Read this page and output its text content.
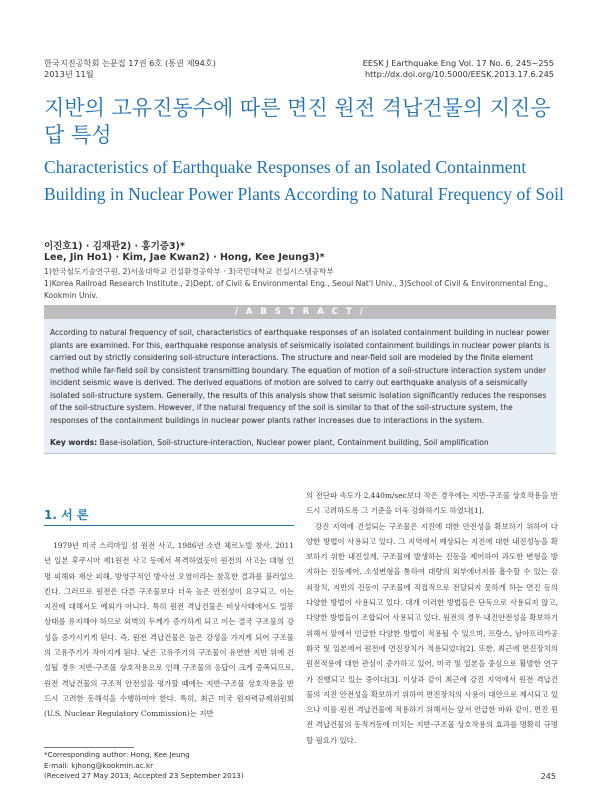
한국지진공학회 논문집 17권 6호 (통권 제94호)
2013년 11월
EESK J Earthquake Eng Vol. 17 No. 6, 245~255
http://dx.doi.org/10.5000/EESK.2013.17.6.245
지반의 고유진동수에 따른 면진 원전 격납건물의 지진응답 특성
Characteristics of Earthquake Responses of an Isolated Containment Building in Nuclear Power Plants According to Natural Frequency of Soil
이진호1) · 김재관2) · 홍기증3)*
Lee, Jin Ho1) · Kim, Jae Kwan2) · Hong, Kee Jeung3)*
1)한국철도기술연구원, 2)서울대학교 건설환경공학부 · 3)국민대학교 건설시스템공학부
1)Korea Railroad Research Institute., 2)Dept. of Civil & Environmental Eng., Seoul Nat'l Univ., 3)School of Civil & Environmental Eng., Kookmin Univ.
/ A B S T R A C T /
According to natural frequency of soil, characteristics of earthquake responses of an isolated containment building in nuclear power plants are examined. For this, earthquake response analysis of seismically isolated containment buildings in nuclear power plants is carried out by strictly considering soil-structure interactions. The structure and near-field soil are modeled by the finite element method while far-field soil by consistent transmitting boundary. The equation of motion of a soil-structure interaction system under incident seismic wave is derived. The derived equations of motion are solved to carry out earthquake analysis of a seismically isolated soil-structure system. Generally, the results of this analysis show that seismic isolation significantly reduces the responses of the soil-structure system. However, if the natural frequency of the soil is similar to that of the soil-structure system, the responses of the containment buildings in nuclear power plants rather increases due to interactions in the system.
Key words: Base-isolation, Soil-structure-interaction, Nuclear power plant, Containment building, Soil amplification
1. 서 론

1979년 미국 스리마일 섬 원전 사고, 1986년 소련 체르노빌 참사, 2011년 일본 후쿠시마 제1원전 사고 등에서 목격하였듯이 원전의 사고는 대형 인명 피해와 재산 피해, 방영구적인 방사선 오염이라는 참혹한 결과를 불러일으킨다. 그러므로 원전은 다른 구조물보다 더욱 높은 안전성이 요구되고, 이는 지진에 대해서도 예외가 아니다. 특히 원전 격납건물은 비상사태에서도 밀봉 상태를 유지해야 하므로 외벽의 두께가 증가하게 되고 이는 결국 구조물의 강성을 증가시키게 된다. 즉, 원전 격납건물은 높은 강성을 가지게 되어 구조물의 고유주기가 작아지게 된다. 낮은 고유주기의 구조물이 유연한 지반 위에 건설될 경우 지반-구조물 상호작용으로 인해 구조물의 응답이 크게 증폭되므로, 원전 격납건물의 구조적 안전성을 평가할 때에는 지반-구조물 상호작용을 반드시 고려한 동해석을 수행하여야 한다. 특히, 최근 미국 원자력규제위원회(U.S. Nuclear Regulatory Commission)는 지반

의 전단파 속도가 2,440m/sec보다 작은 경우에는 지반-구조물 상호작용을 반드시 고려하도록 그 기준을 더욱 강화하기도 하였다[1].

강진 지역에 건설되는 구조물은 지진에 대한 안전성을 확보하기 위하여 다양한 방법이 사용되고 있다. 그 지역에서 예상되는 지진에 대한 내진성능을 확보하기 위한 내진설계, 구조물에 발생하는 진동을 제어하여 과도한 변형을 방지하는 진동제어, 소성변형을 통하여 대량의 외부에너지를 흡수할 수 있는 감쇠장치, 지반의 진동이 구조물에 직접적으로 전달되지 못하게 하는 면진 등의 다양한 방법이 사용되고 있다. 대개 이러한 방법들은 단독으로 사용되지 않고, 다양한 방법들이 조합되어 사용되고 있다. 원전의 경우 내진안전성을 확보하기 위해서 앞에서 언급한 다양한 방법이 적용될 수 있으며, 프랑스, 남아프리카공화국 및 일본에서 원전에 면진장치가 적용되었다[2]. 또한, 최근에 면진장치의 원전적용에 대한 관심이 증가하고 있어, 미국 및 일본을 중심으로 활발한 연구가 진행되고 있는 중이다[3]. 이상과 같이 최근에 강진 지역에서 원전 격납건물의 지진 안전성을 확보하기 위하여 면진장치의 사용이 대안으로 제시되고 있으나 이를 원전 격납건물에 적용하기 위해서는 앞서 언급한 바와 같이, 면진 원전 격납건물의 동적거동에 미치는 지반-구조물 상호작용의 효과를 명확히 규명할 필요가 있다.

*Corresponding author: Hong, Kee Jeung
E-mail: kjhong@kookmin.ac.kr
(Received 27 May 2013; Accepted 23 September 2013)	245
